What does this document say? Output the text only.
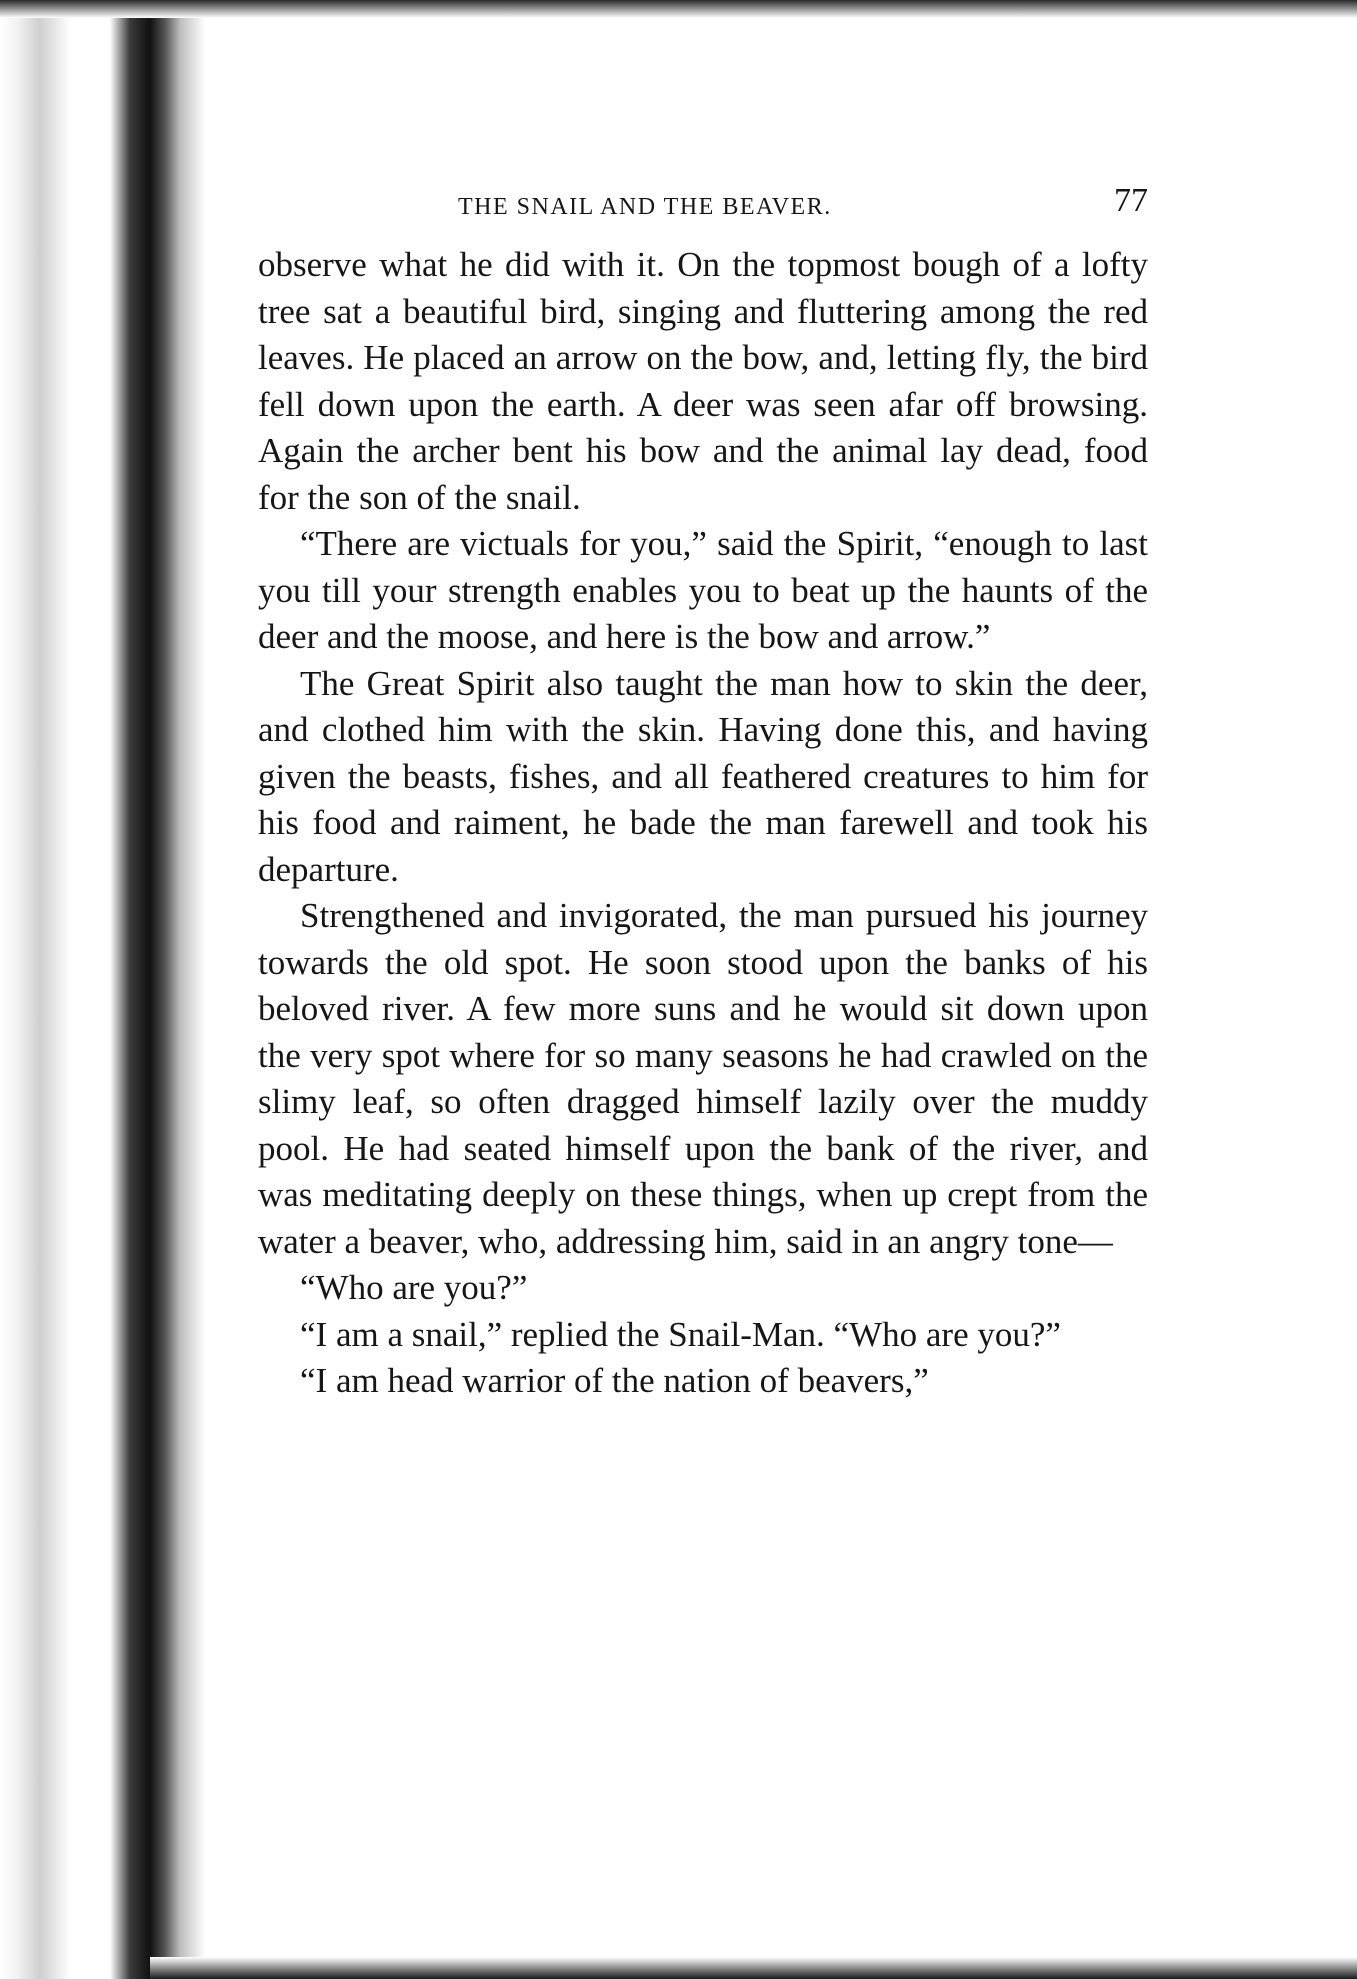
THE SNAIL AND THE BEAVER.	77

observe what he did with it. On the topmost bough of a lofty tree sat a beautiful bird, singing and fluttering among the red leaves. He placed an arrow on the bow, and, letting fly, the bird fell down upon the earth. A deer was seen afar off browsing. Again the archer bent his bow and the animal lay dead, food for the son of the snail.

“There are victuals for you,” said the Spirit, “enough to last you till your strength enables you to beat up the haunts of the deer and the moose, and here is the bow and arrow.”

The Great Spirit also taught the man how to skin the deer, and clothed him with the skin. Having done this, and having given the beasts, fishes, and all feathered creatures to him for his food and raiment, he bade the man farewell and took his departure.

Strengthened and invigorated, the man pursued his journey towards the old spot. He soon stood upon the banks of his beloved river. A few more suns and he would sit down upon the very spot where for so many seasons he had crawled on the slimy leaf, so often dragged himself lazily over the muddy pool. He had seated himself upon the bank of the river, and was meditating deeply on these things, when up crept from the water a beaver, who, addressing him, said in an angry tone—

“Who are you?”

“I am a snail,” replied the Snail-Man. “Who are you?”

“I am head warrior of the nation of beavers,”
